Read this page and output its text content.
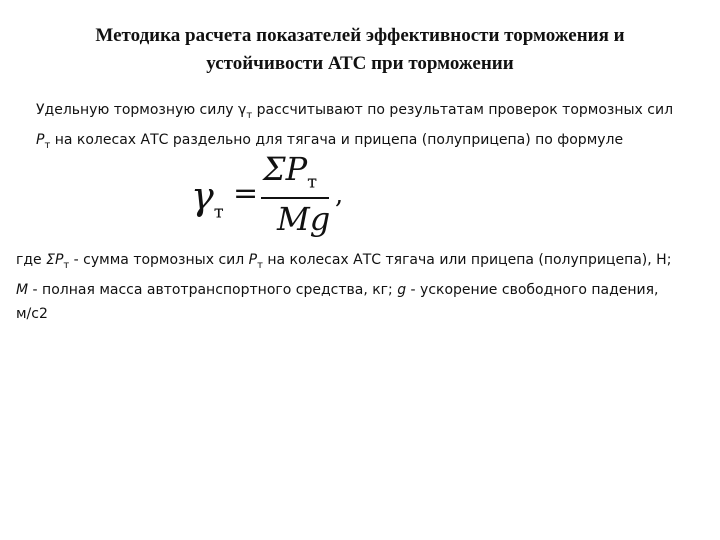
Методика расчета показателей эффективности торможения и
устойчивости АТС при торможении

Удельную тормозную силу $\gamma_т$ рассчитывают по результатам проверок тормозных сил
$P_т$ на колесах АТС раздельно для тягача и прицепа (полуприцепа) по формуле

$\gamma_т$
=
$\Sigma P_т$
Mg
,

где $\Sigma P_т$ - сумма тормозных сил $P_т$ на колесах АТС тягача или прицепа (полуприцепа), Н;
M - полная масса автотранспортного средства, кг; g - ускорение свободного падения,
м/с2
